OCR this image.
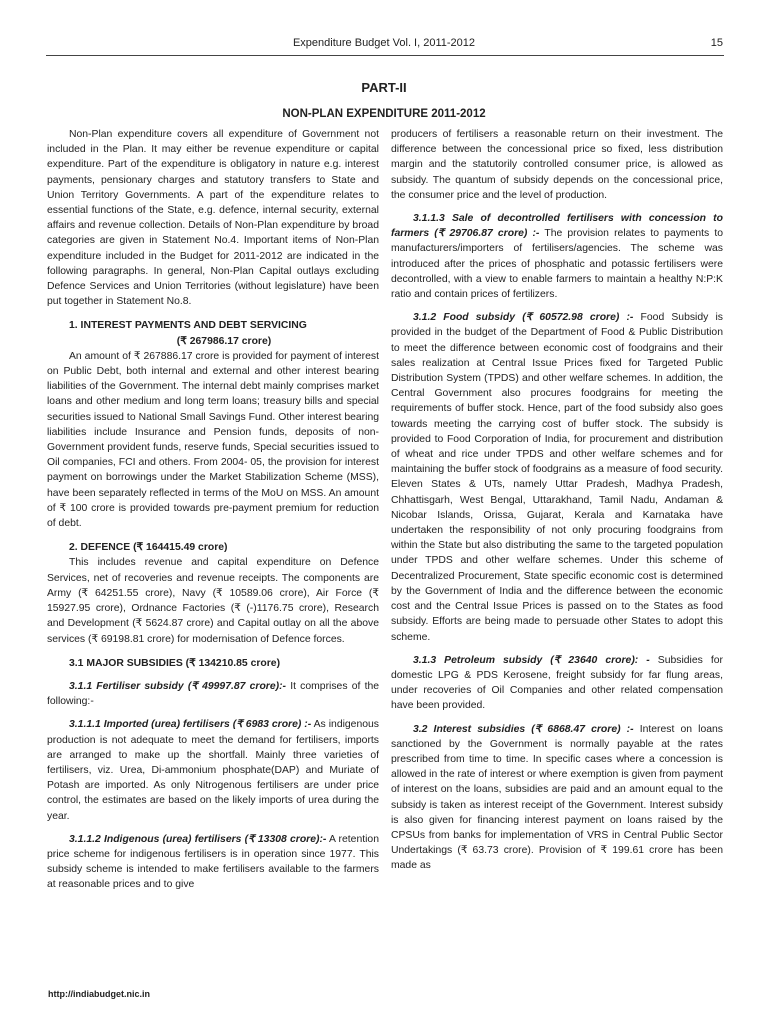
Expenditure Budget Vol. I, 2011-2012	15
PART-II
NON-PLAN EXPENDITURE 2011-2012

Non-Plan expenditure covers all expenditure of Government not included in the Plan. It may either be revenue expenditure or capital expenditure. Part of the expenditure is obligatory in nature e.g. interest payments, pensionary charges and statutory transfers to State and Union Territory Governments. A part of the expenditure relates to essential functions of the State, e.g. defence, internal security, external affairs and revenue collection. Details of Non-Plan expenditure by broad categories are given in Statement No.4. Important items of Non-Plan expenditure included in the Budget for 2011-2012 are indicated in the following paragraphs. In general, Non-Plan Capital outlays excluding Defence Services and Union Territories (without legislature) have been put together in Statement No.8.

1. INTEREST PAYMENTS AND DEBT SERVICING
(₹ 267986.17 crore)

An amount of ₹ 267886.17 crore is provided for payment of interest on Public Debt, both internal and external and other interest bearing liabilities of the Government. The internal debt mainly comprises market loans and other medium and long term loans; treasury bills and special securities issued to National Small Savings Fund. Other interest bearing liabilities include Insurance and Pension funds, deposits of non-Government provident funds, reserve funds, Special securities issued to Oil companies, FCI and others. From 2004- 05, the provision for interest payment on borrowings under the Market Stabilization Scheme (MSS), have been separately reflected in terms of the MoU on MSS. An amount of ₹ 100 crore is provided towards pre-payment premium for reduction of debt.

2. DEFENCE (₹ 164415.49 crore)

This includes revenue and capital expenditure on Defence Services, net of recoveries and revenue receipts. The components are Army (₹ 64251.55 crore), Navy (₹ 10589.06 crore), Air Force (₹ 15927.95 crore), Ordnance Factories (₹ (-)1176.75 crore), Research and Development (₹ 5624.87 crore) and Capital outlay on all the above services (₹ 69198.81 crore) for modernisation of Defence forces.

3.1 MAJOR SUBSIDIES (₹ 134210.85 crore)

3.1.1 Fertiliser subsidy (₹ 49997.87 crore):- It comprises of the following:-

3.1.1.1 Imported (urea) fertilisers (₹ 6983 crore) :- As indigenous production is not adequate to meet the demand for fertilisers, imports are arranged to make up the shortfall. Mainly three varieties of fertilisers, viz. Urea, Di-ammonium phosphate(DAP) and Muriate of Potash are imported. As only Nitrogenous fertilisers are under price control, the estimates are based on the likely imports of urea during the year.

3.1.1.2 Indigenous (urea) fertilisers (₹ 13308 crore):- A retention price scheme for indigenous fertilisers is in operation since 1977. This subsidy scheme is intended to make fertilisers available to the farmers at reasonable prices and to give

producers of fertilisers a reasonable return on their investment. The difference between the concessional price so fixed, less distribution margin and the statutorily controlled consumer price, is allowed as subsidy. The quantum of subsidy depends on the concessional price, the consumer price and the level of production.

3.1.1.3 Sale of decontrolled fertilisers with concession to farmers (₹ 29706.87 crore) :- The provision relates to payments to manufacturers/importers of fertilisers/agencies. The scheme was introduced after the prices of phosphatic and potassic fertilisers were decontrolled, with a view to enable farmers to maintain a healthy N:P:K ratio and contain prices of fertilizers.

3.1.2 Food subsidy (₹ 60572.98 crore) :- Food Subsidy is provided in the budget of the Department of Food & Public Distribution to meet the difference between economic cost of foodgrains and their sales realization at Central Issue Prices fixed for Targeted Public Distribution System (TPDS) and other welfare schemes. In addition, the Central Government also procures foodgrains for meeting the requirements of buffer stock. Hence, part of the food subsidy also goes towards meeting the carrying cost of buffer stock. The subsidy is provided to Food Corporation of India, for procurement and distribution of wheat and rice under TPDS and other welfare schemes and for maintaining the buffer stock of foodgrains as a measure of food security. Eleven States & UTs, namely Uttar Pradesh, Madhya Pradesh, Chhattisgarh, West Bengal, Uttarakhand, Tamil Nadu, Andaman & Nicobar Islands, Orissa, Gujarat, Kerala and Karnataka have undertaken the responsibility of not only procuring foodgrains from within the State but also distributing the same to the targeted population under TPDS and other welfare schemes. Under this scheme of Decentralized Procurement, State specific economic cost is determined by the Government of India and the difference between the economic cost and the Central Issue Prices is passed on to the States as food subsidy. Efforts are being made to persuade other States to adopt this scheme.

3.1.3 Petroleum subsidy (₹ 23640 crore): - Subsidies for domestic LPG & PDS Kerosene, freight subsidy for far flung areas, under recoveries of Oil Companies and other related compensation have been provided.

3.2 Interest subsidies (₹ 6868.47 crore) :- Interest on loans sanctioned by the Government is normally payable at the rates prescribed from time to time. In specific cases where a concession is allowed in the rate of interest or where exemption is given from payment of interest on the loans, subsidies are paid and an amount equal to the subsidy is taken as interest receipt of the Government. Interest subsidy is also given for financing interest payment on loans raised by the CPSUs from banks for implementation of VRS in Central Public Sector Undertakings (₹ 63.73 crore). Provision of ₹ 199.61 crore has been made as

http://indiabudget.nic.in
